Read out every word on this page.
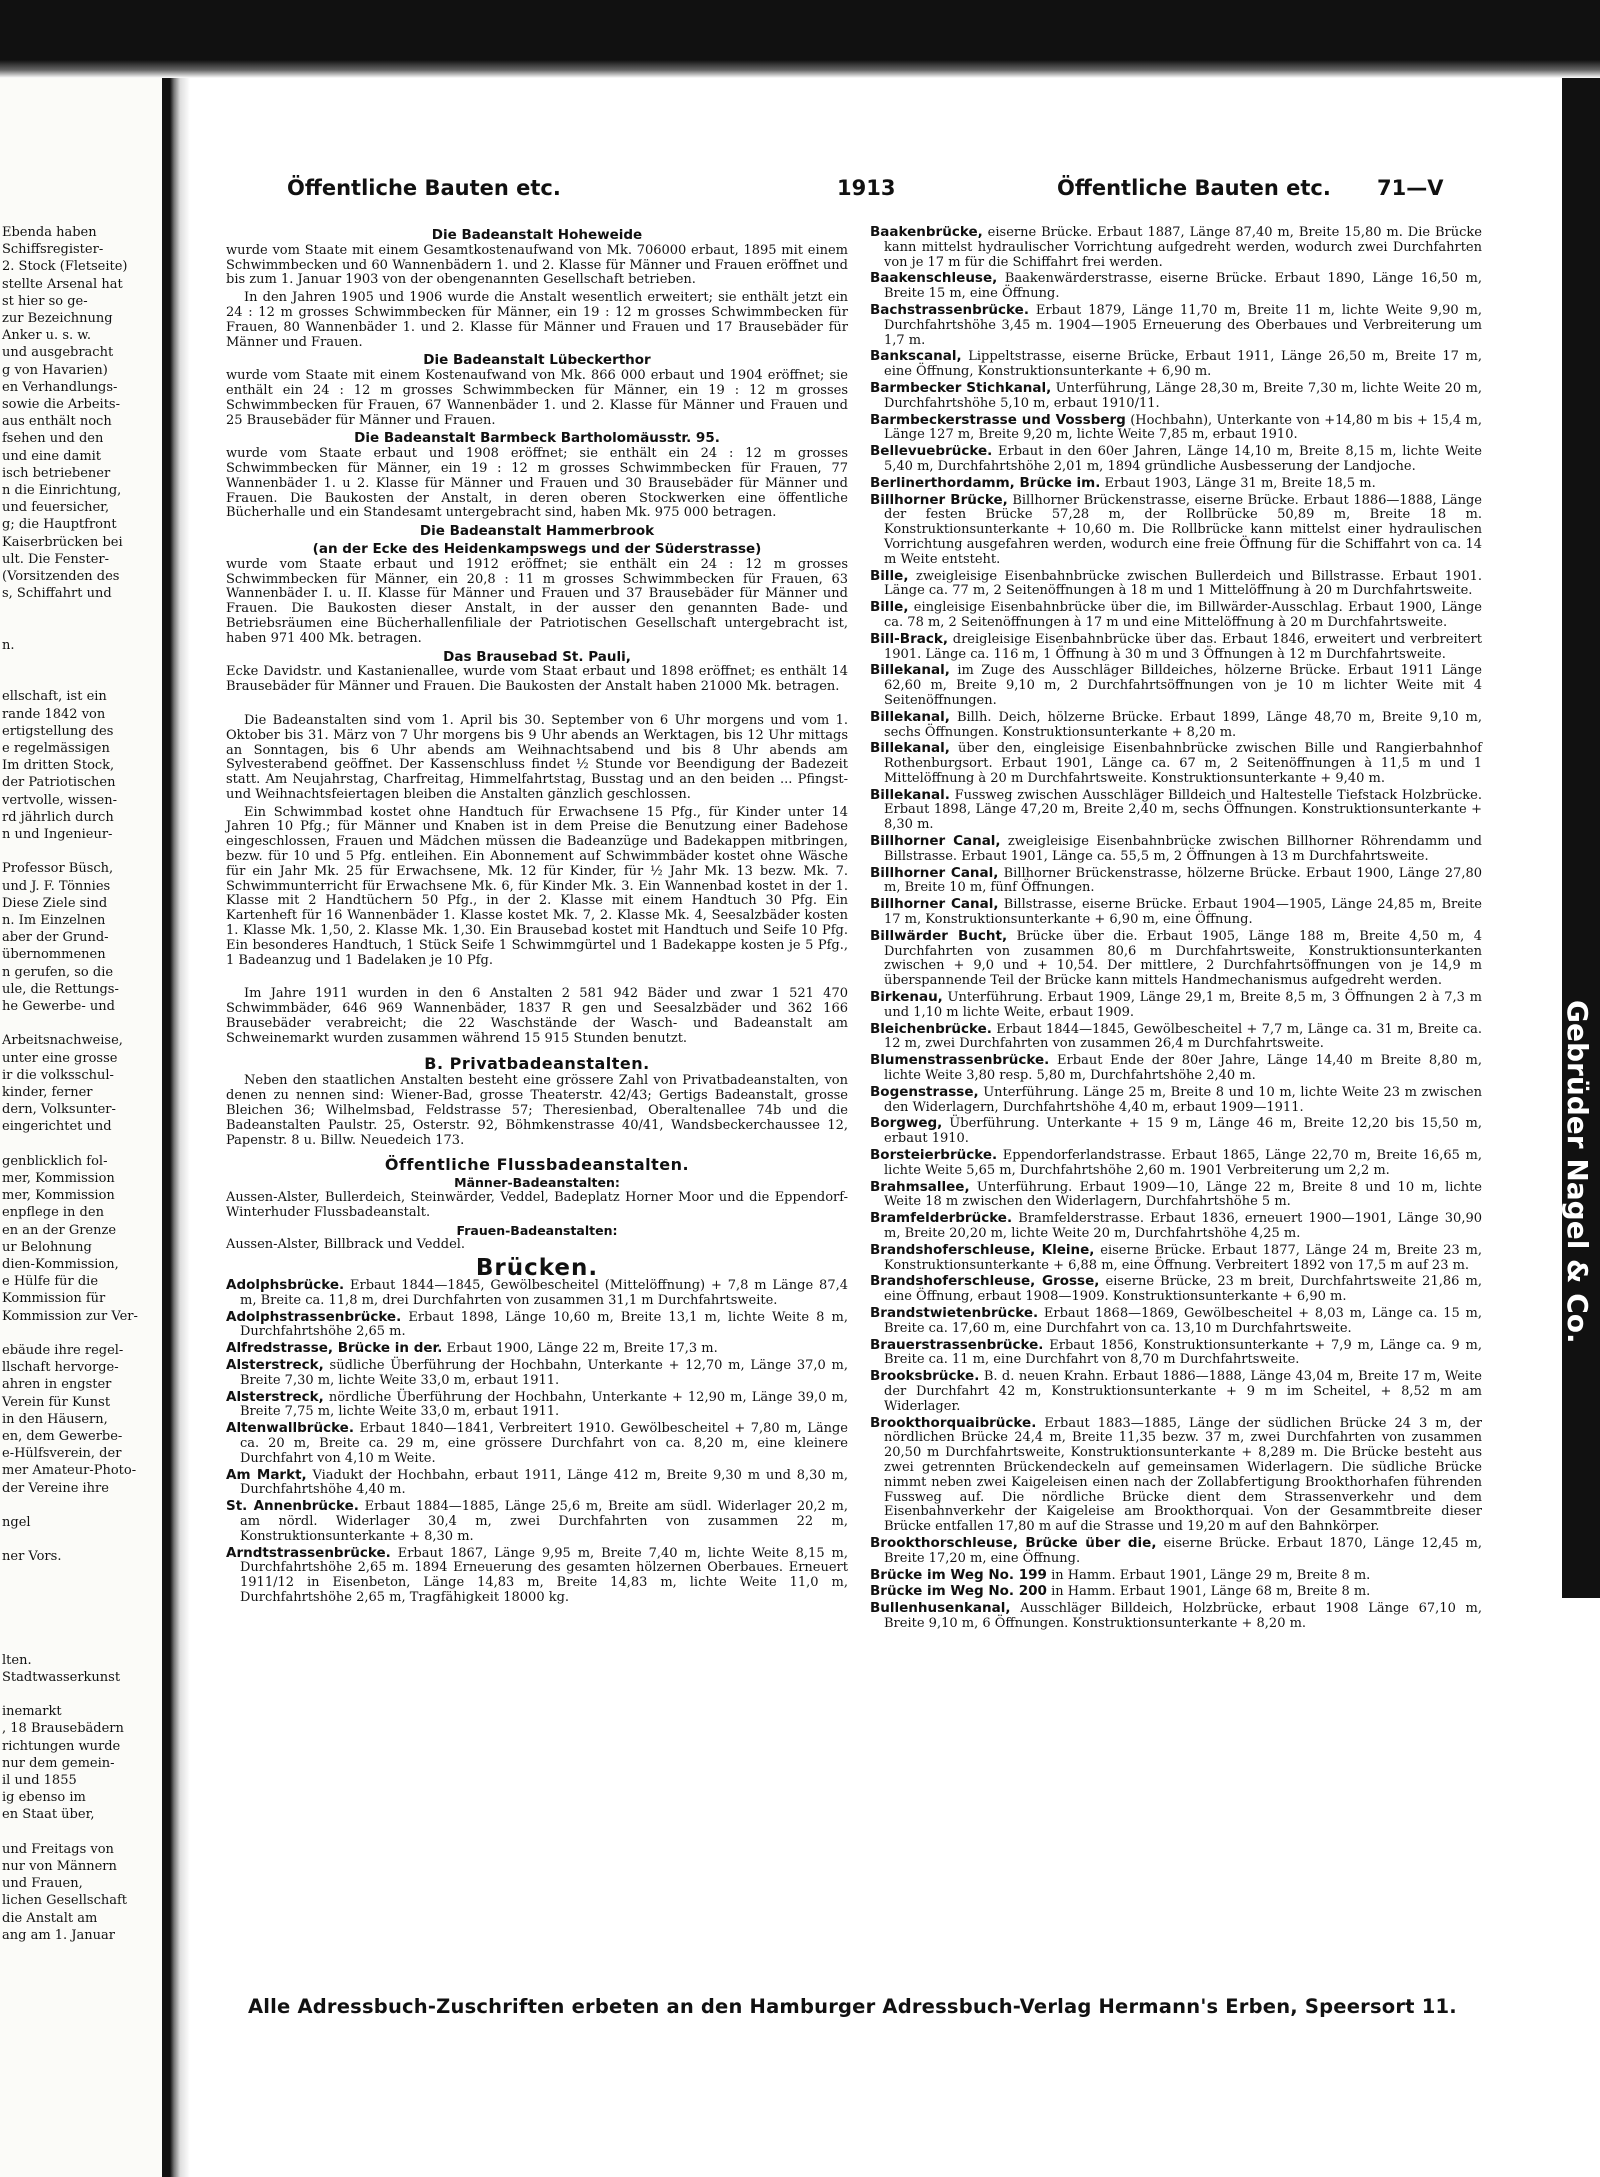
Ebenda haben
Schiffsregister-
2. Stock (Fletseite)
stellte Arsenal hat
st hier so ge-
zur Bezeichnung
Anker u. s. w.
und ausgebracht
g von Havarien)
en Verhandlungs-
sowie die Arbeits-
aus enthält noch
fsehen und den
und eine damit
isch betriebener
n die Einrichtung,
und feuersicher,
g; die Hauptfront
Kaiserbrücken bei
ult. Die Fenster-
(Vorsitzenden des
s, Schiffahrt und
n.
ellschaft, ist ein
rande 1842 von
ertigstellung des
e regelmässigen
Im dritten Stock,
der Patriotischen
vertvolle, wissen-
rd jährlich durch
n und Ingenieur-
Professor Büsch,
und J. F. Tönnies
Diese Ziele sind
n. Im Einzelnen
aber der Grund-
übernommenen
n gerufen, so die
ule, die Rettungs-
he Gewerbe- und
Arbeitsnachweise,
unter eine grosse
ir die volksschul-
kinder, ferner
dern, Volksunter-
eingerichtet und
genblicklich fol-
mer, Kommission
mer, Kommission
enpflege in den
en an der Grenze
ur Belohnung
dien-Kommission,
e Hülfe für die
Kommission für
Kommission zur Ver-
ebäude ihre regel-
llschaft hervorge-
ahren in engster
Verein für Kunst
in den Häusern,
en, dem Gewerbe-
e-Hülfsverein, der
mer Amateur-Photo-
der Vereine ihre
ngel
ner Vors.
lten.
Stadtwasserkunst
inemarkt
, 18 Brausebädern
richtungen wurde
nur dem gemein-
il und 1855
ig ebenso im
en Staat über,
und Freitags von
nur von Männern
und Frauen,
lichen Gesellschaft
die Anstalt am
ang am 1. Januar
Gebrüder Nagel & Co.
Öffentliche Bauten etc.	1913	Öffentliche Bauten etc. 71—V
Die Badeanstalt Hoheweide

wurde vom Staate mit einem Gesamtkostenaufwand von Mk. 706000 erbaut, 1895 mit einem Schwimmbecken und 60 Wannenbädern 1. und 2. Klasse für Männer und Frauen eröffnet und bis zum 1. Januar 1903 von der obengenannten Gesellschaft betrieben.

In den Jahren 1905 und 1906 wurde die Anstalt wesentlich erweitert; sie enthält jetzt ein 24 : 12 m grosses Schwimmbecken für Männer, ein 19 : 12 m grosses Schwimmbecken für Frauen, 80 Wannenbäder 1. und 2. Klasse für Männer und Frauen und 17 Brausebäder für Männer und Frauen.

Die Badeanstalt Lübeckerthor

wurde vom Staate mit einem Kostenaufwand von Mk. 866 000 erbaut und 1904 eröffnet; sie enthält ein 24 : 12 m grosses Schwimmbecken für Männer, ein 19 : 12 m grosses Schwimmbecken für Frauen, 67 Wannenbäder 1. und 2. Klasse für Männer und Frauen und 25 Brausebäder für Männer und Frauen.

Die Badeanstalt Barmbeck Bartholomäusstr. 95.

wurde vom Staate erbaut und 1908 eröffnet; sie enthält ein 24 : 12 m grosses Schwimmbecken für Männer, ein 19 : 12 m grosses Schwimmbecken für Frauen, 77 Wannenbäder 1. u 2. Klasse für Männer und Frauen und 30 Brausebäder für Männer und Frauen. Die Baukosten der Anstalt, in deren oberen Stockwerken eine öffentliche Bücherhalle und ein Standesamt untergebracht sind, haben Mk. 975 000 betragen.

Die Badeanstalt Hammerbrook
(an der Ecke des Heidenkampswegs und der Süderstrasse)

wurde vom Staate erbaut und 1912 eröffnet; sie enthält ein 24 : 12 m grosses Schwimmbecken für Männer, ein 20,8 : 11 m grosses Schwimmbecken für Frauen, 63 Wannenbäder I. u. II. Klasse für Männer und Frauen und 37 Brausebäder für Männer und Frauen. Die Baukosten dieser Anstalt, in der ausser den genannten Bade- und Betriebsräumen eine Bücherhallenfiliale der Patriotischen Gesellschaft untergebracht ist, haben 971 400 Mk. betragen.

Das Brausebad St. Pauli,

Ecke Davidstr. und Kastanienallee, wurde vom Staat erbaut und 1898 eröffnet; es enthält 14 Brausebäder für Männer und Frauen. Die Baukosten der Anstalt haben 21000 Mk. betragen.

Die Badeanstalten sind vom 1. April bis 30. September von 6 Uhr morgens und vom 1. Oktober bis 31. März von 7 Uhr morgens bis 9 Uhr abends an Werktagen, bis 12 Uhr mittags an Sonntagen, bis 6 Uhr abends am Weihnachtsabend und bis 8 Uhr abends am Sylvesterabend geöffnet. Der Kassenschluss findet ½ Stunde vor Beendigung der Badezeit statt. Am Neujahrstag, Charfreitag, Himmelfahrtstag, Busstag und an den beiden ... Pfingst- und Weihnachtsfeiertagen bleiben die Anstalten gänzlich geschlossen.

Ein Schwimmbad kostet ohne Handtuch für Erwachsene 15 Pfg., für Kinder unter 14 Jahren 10 Pfg.; für Männer und Knaben ist in dem Preise die Benutzung einer Badehose eingeschlossen, Frauen und Mädchen müssen die Badeanzüge und Badekappen mitbringen, bezw. für 10 und 5 Pfg. entleihen. Ein Abonnement auf Schwimmbäder kostet ohne Wäsche für ein Jahr Mk. 25 für Erwachsene, Mk. 12 für Kinder, für ½ Jahr Mk. 13 bezw. Mk. 7. Schwimmunterricht für Erwachsene Mk. 6, für Kinder Mk. 3. Ein Wannenbad kostet in der 1. Klasse mit 2 Handtüchern 50 Pfg., in der 2. Klasse mit einem Handtuch 30 Pfg. Ein Kartenheft für 16 Wannenbäder 1. Klasse kostet Mk. 7, 2. Klasse Mk. 4, Seesalzbäder kosten 1. Klasse Mk. 1,50, 2. Klasse Mk. 1,30. Ein Brausebad kostet mit Handtuch und Seife 10 Pfg. Ein besonderes Handtuch, 1 Stück Seife 1 Schwimmgürtel und 1 Badekappe kosten je 5 Pfg., 1 Badeanzug und 1 Badelaken je 10 Pfg.

Im Jahre 1911 wurden in den 6 Anstalten 2 581 942 Bäder und zwar 1 521 470 Schwimmbäder, 646 969 Wannenbäder, 1837 R gen und Seesalzbäder und 362 166 Brausebäder verabreicht; die 22 Waschstände der Wasch- und Badeanstalt am Schweinemarkt wurden zusammen während 15 915 Stunden benutzt.

B. Privatbadeanstalten.

Neben den staatlichen Anstalten besteht eine grössere Zahl von Privatbadeanstalten, von denen zu nennen sind: Wiener-Bad, grosse Theaterstr. 42/43; Gertigs Badeanstalt, grosse Bleichen 36; Wilhelmsbad, Feldstrasse 57; Theresienbad, Oberaltenallee 74b und die Badeanstalten Paulstr. 25, Osterstr. 92, Böhmkenstrasse 40/41, Wandsbeckerchaussee 12, Papenstr. 8 u. Billw. Neuedeich 173.

Öffentliche Flussbadeanstalten.
Männer-Badeanstalten:

Aussen-Alster, Bullerdeich, Steinwärder, Veddel, Badeplatz Horner Moor und die Eppendorf-Winterhuder Flussbadeanstalt.

Frauen-Badeanstalten:

Aussen-Alster, Billbrack und Veddel.

Brücken.

Adolphsbrücke. Erbaut 1844—1845, Gewölbescheitel (Mittelöffnung) + 7,8 m Länge 87,4 m, Breite ca. 11,8 m, drei Durchfahrten von zusammen 31,1 m Durchfahrtsweite.

Adolphstrassenbrücke. Erbaut 1898, Länge 10,60 m, Breite 13,1 m, lichte Weite 8 m, Durchfahrtshöhe 2,65 m.

Alfredstrasse, Brücke in der. Erbaut 1900, Länge 22 m, Breite 17,3 m.

Alsterstreck, südliche Überführung der Hochbahn, Unterkante + 12,70 m, Länge 37,0 m, Breite 7,30 m, lichte Weite 33,0 m, erbaut 1911.

Alsterstreck, nördliche Überführung der Hochbahn, Unterkante + 12,90 m, Länge 39,0 m, Breite 7,75 m, lichte Weite 33,0 m, erbaut 1911.

Altenwallbrücke. Erbaut 1840—1841, Verbreitert 1910. Gewölbescheitel + 7,80 m, Länge ca. 20 m, Breite ca. 29 m, eine grössere Durchfahrt von ca. 8,20 m, eine kleinere Durchfahrt von 4,10 m Weite.

Am Markt, Viadukt der Hochbahn, erbaut 1911, Länge 412 m, Breite 9,30 m und 8,30 m, Durchfahrtshöhe 4,40 m.

St. Annenbrücke. Erbaut 1884—1885, Länge 25,6 m, Breite am südl. Widerlager 20,2 m, am nördl. Widerlager 30,4 m, zwei Durchfahrten von zusammen 22 m, Konstruktionsunterkante + 8,30 m.

Arndtstrassenbrücke. Erbaut 1867, Länge 9,95 m, Breite 7,40 m, lichte Weite 8,15 m, Durchfahrtshöhe 2,65 m. 1894 Erneuerung des gesamten hölzernen Oberbaues. Erneuert 1911/12 in Eisenbeton, Länge 14,83 m, Breite 14,83 m, lichte Weite 11,0 m, Durchfahrtshöhe 2,65 m, Tragfähigkeit 18000 kg.

Baakenbrücke, eiserne Brücke. Erbaut 1887, Länge 87,40 m, Breite 15,80 m. Die Brücke kann mittelst hydraulischer Vorrichtung aufgedreht werden, wodurch zwei Durchfahrten von je 17 m für die Schiffahrt frei werden.

Baakenschleuse, Baakenwärderstrasse, eiserne Brücke. Erbaut 1890, Länge 16,50 m, Breite 15 m, eine Öffnung.

Bachstrassenbrücke. Erbaut 1879, Länge 11,70 m, Breite 11 m, lichte Weite 9,90 m, Durchfahrtshöhe 3,45 m. 1904—1905 Erneuerung des Oberbaues und Verbreiterung um 1,7 m.

Bankscanal, Lippeltstrasse, eiserne Brücke, Erbaut 1911, Länge 26,50 m, Breite 17 m, eine Öffnung, Konstruktionsunterkante + 6,90 m.

Barmbecker Stichkanal, Unterführung, Länge 28,30 m, Breite 7,30 m, lichte Weite 20 m, Durchfahrtshöhe 5,10 m, erbaut 1910/11.

Barmbeckerstrasse und Vossberg (Hochbahn), Unterkante von +14,80 m bis + 15,4 m, Länge 127 m, Breite 9,20 m, lichte Weite 7,85 m, erbaut 1910.

Bellevuebrücke. Erbaut in den 60er Jahren, Länge 14,10 m, Breite 8,15 m, lichte Weite 5,40 m, Durchfahrtshöhe 2,01 m, 1894 gründliche Ausbesserung der Landjoche.

Berlinerthordamm, Brücke im. Erbaut 1903, Länge 31 m, Breite 18,5 m.

Billhorner Brücke, Billhorner Brückenstrasse, eiserne Brücke. Erbaut 1886—1888, Länge der festen Brücke 57,28 m, der Rollbrücke 50,89 m, Breite 18 m. Konstruktionsunterkante + 10,60 m. Die Rollbrücke kann mittelst einer hydraulischen Vorrichtung ausgefahren werden, wodurch eine freie Öffnung für die Schiffahrt von ca. 14 m Weite entsteht.

Bille, zweigleisige Eisenbahnbrücke zwischen Bullerdeich und Billstrasse. Erbaut 1901. Länge ca. 77 m, 2 Seitenöffnungen à 18 m und 1 Mittelöffnung à 20 m Durchfahrtsweite.

Bille, eingleisige Eisenbahnbrücke über die, im Billwärder-Ausschlag. Erbaut 1900, Länge ca. 78 m, 2 Seitenöffnungen à 17 m und eine Mittelöffnung à 20 m Durchfahrtsweite.

Bill-Brack, dreigleisige Eisenbahnbrücke über das. Erbaut 1846, erweitert und verbreitert 1901. Länge ca. 116 m, 1 Öffnung à 30 m und 3 Öffnungen à 12 m Durchfahrtsweite.

Billekanal, im Zuge des Ausschläger Billdeiches, hölzerne Brücke. Erbaut 1911 Länge 62,60 m, Breite 9,10 m, 2 Durchfahrtsöffnungen von je 10 m lichter Weite mit 4 Seitenöffnungen.

Billekanal, Billh. Deich, hölzerne Brücke. Erbaut 1899, Länge 48,70 m, Breite 9,10 m, sechs Öffnungen. Konstruktionsunterkante + 8,20 m.

Billekanal, über den, eingleisige Eisenbahnbrücke zwischen Bille und Rangierbahnhof Rothenburgsort. Erbaut 1901, Länge ca. 67 m, 2 Seitenöffnungen à 11,5 m und 1 Mittelöffnung à 20 m Durchfahrtsweite. Konstruktionsunterkante + 9,40 m.

Billekanal. Fussweg zwischen Ausschläger Billdeich und Haltestelle Tiefstack Holzbrücke. Erbaut 1898, Länge 47,20 m, Breite 2,40 m, sechs Öffnungen. Konstruktionsunterkante + 8,30 m.

Billhorner Canal, zweigleisige Eisenbahnbrücke zwischen Billhorner Röhrendamm und Billstrasse. Erbaut 1901, Länge ca. 55,5 m, 2 Öffnungen à 13 m Durchfahrtsweite.

Billhorner Canal, Billhorner Brückenstrasse, hölzerne Brücke. Erbaut 1900, Länge 27,80 m, Breite 10 m, fünf Öffnungen.

Billhorner Canal, Billstrasse, eiserne Brücke. Erbaut 1904—1905, Länge 24,85 m, Breite 17 m, Konstruktionsunterkante + 6,90 m, eine Öffnung.

Billwärder Bucht, Brücke über die. Erbaut 1905, Länge 188 m, Breite 4,50 m, 4 Durchfahrten von zusammen 80,6 m Durchfahrtsweite, Konstruktionsunterkanten zwischen + 9,0 und + 10,54. Der mittlere, 2 Durchfahrtsöffnungen von je 14,9 m überspannende Teil der Brücke kann mittels Handmechanismus aufgedreht werden.

Birkenau, Unterführung. Erbaut 1909, Länge 29,1 m, Breite 8,5 m, 3 Öffnungen 2 à 7,3 m und 1,10 m lichte Weite, erbaut 1909.

Bleichenbrücke. Erbaut 1844—1845, Gewölbescheitel + 7,7 m, Länge ca. 31 m, Breite ca. 12 m, zwei Durchfahrten von zusammen 26,4 m Durchfahrtsweite.

Blumenstrassenbrücke. Erbaut Ende der 80er Jahre, Länge 14,40 m Breite 8,80 m, lichte Weite 3,80 resp. 5,80 m, Durchfahrtshöhe 2,40 m.

Bogenstrasse, Unterführung. Länge 25 m, Breite 8 und 10 m, lichte Weite 23 m zwischen den Widerlagern, Durchfahrtshöhe 4,40 m, erbaut 1909—1911.

Borgweg, Überführung. Unterkante + 15 9 m, Länge 46 m, Breite 12,20 bis 15,50 m, erbaut 1910.

Borsteierbrücke. Eppendorferlandstrasse. Erbaut 1865, Länge 22,70 m, Breite 16,65 m, lichte Weite 5,65 m, Durchfahrtshöhe 2,60 m. 1901 Verbreiterung um 2,2 m.

Brahmsallee, Unterführung. Erbaut 1909—10, Länge 22 m, Breite 8 und 10 m, lichte Weite 18 m zwischen den Widerlagern, Durchfahrtshöhe 5 m.

Bramfelderbrücke. Bramfelderstrasse. Erbaut 1836, erneuert 1900—1901, Länge 30,90 m, Breite 20,20 m, lichte Weite 20 m, Durchfahrtshöhe 4,25 m.

Brandshoferschleuse, Kleine, eiserne Brücke. Erbaut 1877, Länge 24 m, Breite 23 m, Konstruktionsunterkante + 6,88 m, eine Öffnung. Verbreitert 1892 von 17,5 m auf 23 m.

Brandshoferschleuse, Grosse, eiserne Brücke, 23 m breit, Durchfahrtsweite 21,86 m, eine Öffnung, erbaut 1908—1909. Konstruktionsunterkante + 6,90 m.

Brandstwietenbrücke. Erbaut 1868—1869, Gewölbescheitel + 8,03 m, Länge ca. 15 m, Breite ca. 17,60 m, eine Durchfahrt von ca. 13,10 m Durchfahrtsweite.

Brauerstrassenbrücke. Erbaut 1856, Konstruktionsunterkante + 7,9 m, Länge ca. 9 m, Breite ca. 11 m, eine Durchfahrt von 8,70 m Durchfahrtsweite.

Brooksbrücke. B. d. neuen Krahn. Erbaut 1886—1888, Länge 43,04 m, Breite 17 m, Weite der Durchfahrt 42 m, Konstruktionsunterkante + 9 m im Scheitel, + 8,52 m am Widerlager.

Brookthorquaibrücke. Erbaut 1883—1885, Länge der südlichen Brücke 24 3 m, der nördlichen Brücke 24,4 m, Breite 11,35 bezw. 37 m, zwei Durchfahrten von zusammen 20,50 m Durchfahrtsweite, Konstruktionsunterkante + 8,289 m. Die Brücke besteht aus zwei getrennten Brückendeckeln auf gemeinsamen Widerlagern. Die südliche Brücke nimmt neben zwei Kaigeleisen einen nach der Zollabfertigung Brookthorhafen führenden Fussweg auf. Die nördliche Brücke dient dem Strassenverkehr und dem Eisenbahnverkehr der Kaigeleise am Brookthorquai. Von der Gesammtbreite dieser Brücke entfallen 17,80 m auf die Strasse und 19,20 m auf den Bahnkörper.

Brookthorschleuse, Brücke über die, eiserne Brücke. Erbaut 1870, Länge 12,45 m, Breite 17,20 m, eine Öffnung.

Brücke im Weg No. 199 in Hamm. Erbaut 1901, Länge 29 m, Breite 8 m.

Brücke im Weg No. 200 in Hamm. Erbaut 1901, Länge 68 m, Breite 8 m.

Bullenhusenkanal, Ausschläger Billdeich, Holzbrücke, erbaut 1908 Länge 67,10 m, Breite 9,10 m, 6 Öffnungen. Konstruktionsunterkante + 8,20 m.

Alle Adressbuch-Zuschriften erbeten an den Hamburger Adressbuch-Verlag Hermann's Erben, Speersort 11.
